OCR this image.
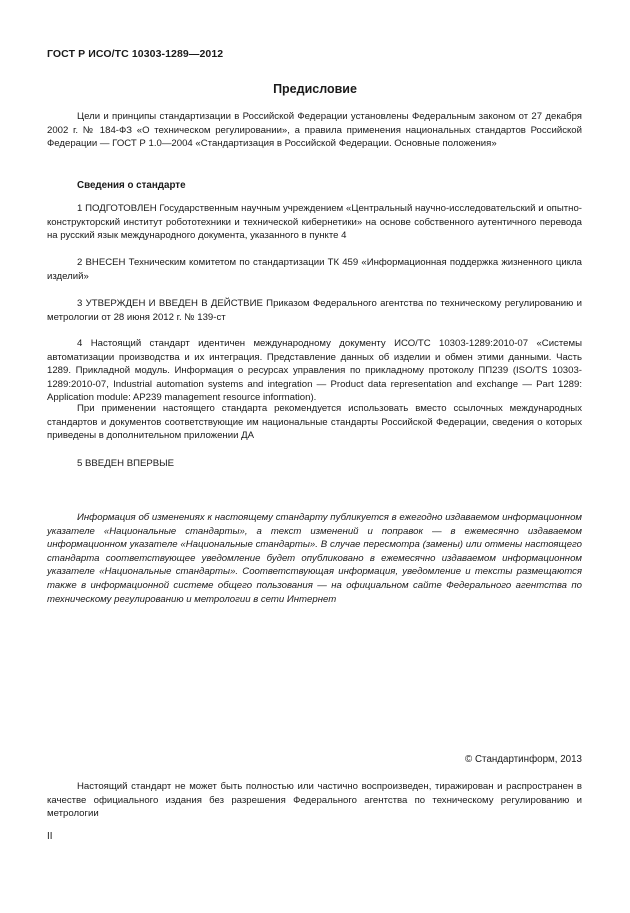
ГОСТ Р ИСО/ТС 10303-1289—2012
Предисловие

Цели и принципы стандартизации в Российской Федерации установлены Федеральным законом от 27 декабря 2002 г. № 184-ФЗ «О техническом регулировании», а правила применения национальных стандартов Российской Федерации — ГОСТ Р 1.0—2004 «Стандартизация в Российской Федерации. Основные положения»

Сведения о стандарте

1 ПОДГОТОВЛЕН Государственным научным учреждением «Центральный научно-исследовательский и опытно-конструкторский институт робототехники и технической кибернетики» на основе собственного аутентичного перевода на русский язык международного документа, указанного в пункте 4

2 ВНЕСЕН Техническим комитетом по стандартизации ТК 459 «Информационная поддержка жизненного цикла изделий»

3 УТВЕРЖДЕН И ВВЕДЕН В ДЕЙСТВИЕ Приказом Федерального агентства по техническому регулированию и метрологии от 28 июня 2012 г. № 139-ст

4 Настоящий стандарт идентичен международному документу ИСО/ТС 10303-1289:2010-07 «Системы автоматизации производства и их интеграция. Представление данных об изделии и обмен этими данными. Часть 1289. Прикладной модуль. Информация о ресурсах управления по прикладному протоколу ПП239 (ISO/TS 10303-1289:2010-07, Industrial automation systems and integration — Product data representation and exchange — Part 1289: Application module: AP239 management resource information).

При применении настоящего стандарта рекомендуется использовать вместо ссылочных международных стандартов и документов соответствующие им национальные стандарты Российской Федерации, сведения о которых приведены в дополнительном приложении ДА

5 ВВЕДЕН ВПЕРВЫЕ

Информация об изменениях к настоящему стандарту публикуется в ежегодно издаваемом информационном указателе «Национальные стандарты», а текст изменений и поправок — в ежемесячно издаваемом информационном указателе «Национальные стандарты». В случае пересмотра (замены) или отмены настоящего стандарта соответствующее уведомление будет опубликовано в ежемесячно издаваемом информационном указателе «Национальные стандарты». Соответствующая информация, уведомление и тексты размещаются также в информационной системе общего пользования — на официальном сайте Федерального агентства по техническому регулированию и метрологии в сети Интернет

© Стандартинформ, 2013

Настоящий стандарт не может быть полностью или частично воспроизведен, тиражирован и распространен в качестве официального издания без разрешения Федерального агентства по техническому регулированию и метрологии

II
